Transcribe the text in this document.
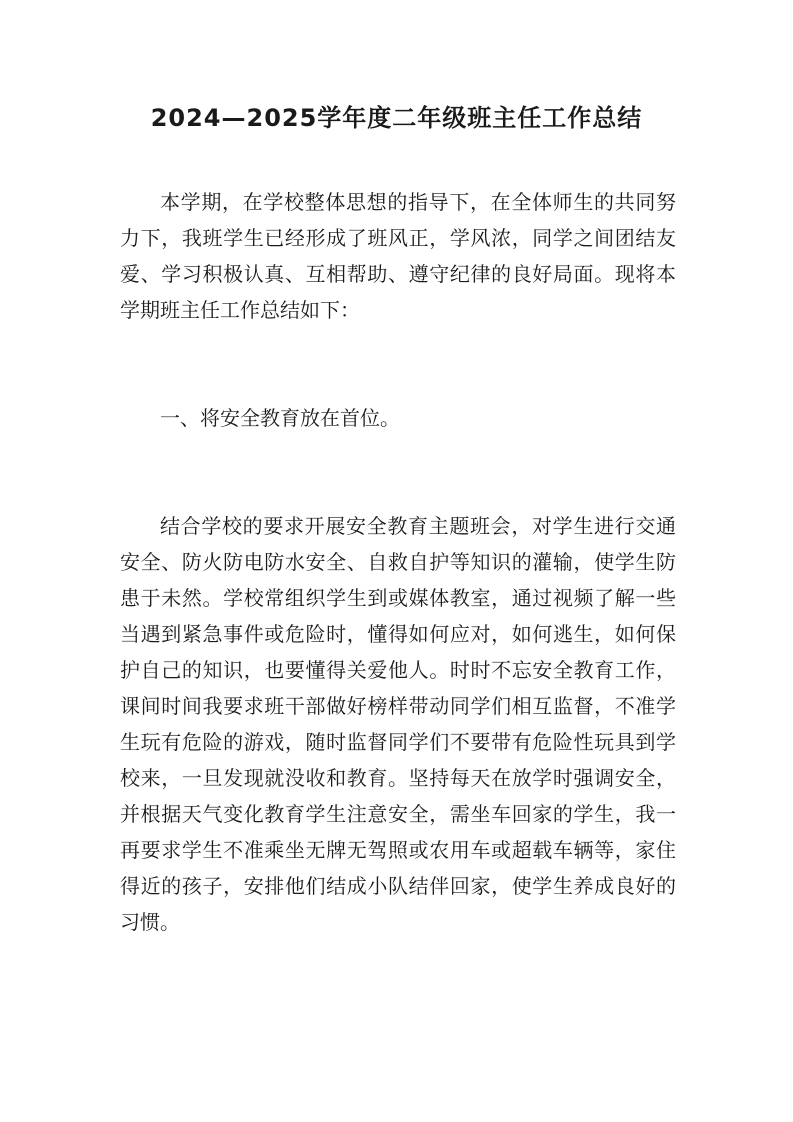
2024—2025学年度二年级班主任工作总结

本学期，在学校整体思想的指导下，在全体师生的共同努力下，我班学生已经形成了班风正，学风浓，同学之间团结友爱、学习积极认真、互相帮助、遵守纪律的良好局面。现将本学期班主任工作总结如下：

一、将安全教育放在首位。

结合学校的要求开展安全教育主题班会，对学生进行交通安全、防火防电防水安全、自救自护等知识的灌输，使学生防患于未然。学校常组织学生到或媒体教室，通过视频了解一些当遇到紧急事件或危险时，懂得如何应对，如何逃生，如何保护自己的知识，也要懂得关爱他人。时时不忘安全教育工作，课间时间我要求班干部做好榜样带动同学们相互监督，不准学生玩有危险的游戏，随时监督同学们不要带有危险性玩具到学校来，一旦发现就没收和教育。坚持每天在放学时强调安全，并根据天气变化教育学生注意安全，需坐车回家的学生，我一再要求学生不准乘坐无牌无驾照或农用车或超载车辆等，家住得近的孩子，安排他们结成小队结伴回家，使学生养成良好的习惯。
